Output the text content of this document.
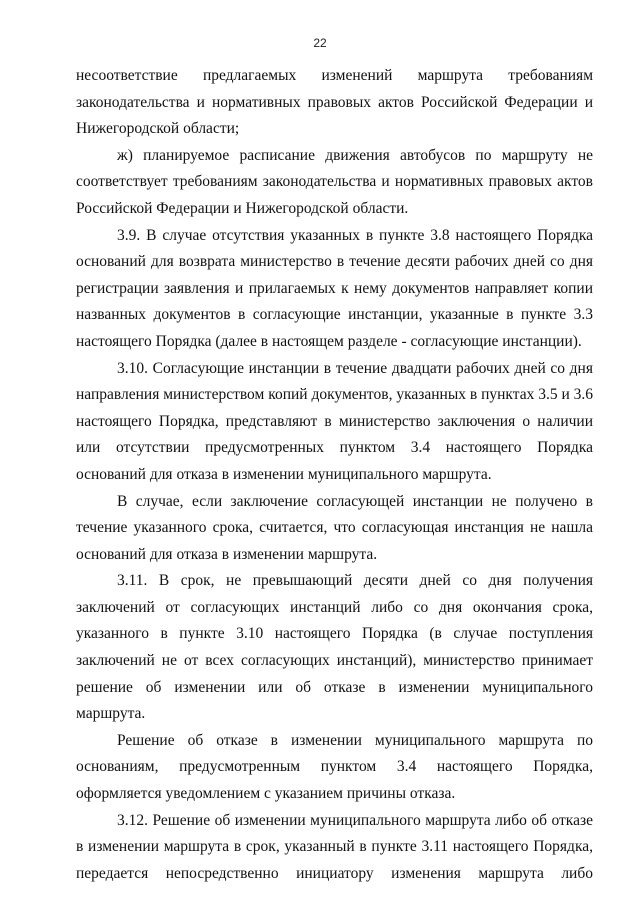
22

несоответствие предлагаемых изменений маршрута требованиям законодательства и нормативных правовых актов Российской Федерации и Нижегородской области;

ж) планируемое расписание движения автобусов по маршруту не соответствует требованиям законодательства и нормативных правовых актов Российской Федерации и Нижегородской области.

3.9. В случае отсутствия указанных в пункте 3.8 настоящего Порядка оснований для возврата министерство в течение десяти рабочих дней со дня регистрации заявления и прилагаемых к нему документов направляет копии названных документов в согласующие инстанции, указанные в пункте 3.3 настоящего Порядка (далее в настоящем разделе - согласующие инстанции).

3.10. Согласующие инстанции в течение двадцати рабочих дней со дня направления министерством копий документов, указанных в пунктах 3.5 и 3.6 настоящего Порядка, представляют в министерство заключения о наличии или отсутствии предусмотренных пунктом 3.4 настоящего Порядка оснований для отказа в изменении муниципального маршрута.

В случае, если заключение согласующей инстанции не получено в течение указанного срока, считается, что согласующая инстанция не нашла оснований для отказа в изменении маршрута.

3.11. В срок, не превышающий десяти дней со дня получения заключений от согласующих инстанций либо со дня окончания срока, указанного в пункте 3.10 настоящего Порядка (в случае поступления заключений не от всех согласующих инстанций), министерство принимает решение об изменении или об отказе в изменении муниципального маршрута.

Решение об отказе в изменении муниципального маршрута по основаниям, предусмотренным пунктом 3.4 настоящего Порядка, оформляется уведомлением с указанием причины отказа.

3.12. Решение об изменении муниципального маршрута либо об отказе в изменении маршрута в срок, указанный в пункте 3.11 настоящего Порядка, передается непосредственно инициатору изменения маршрута либо
